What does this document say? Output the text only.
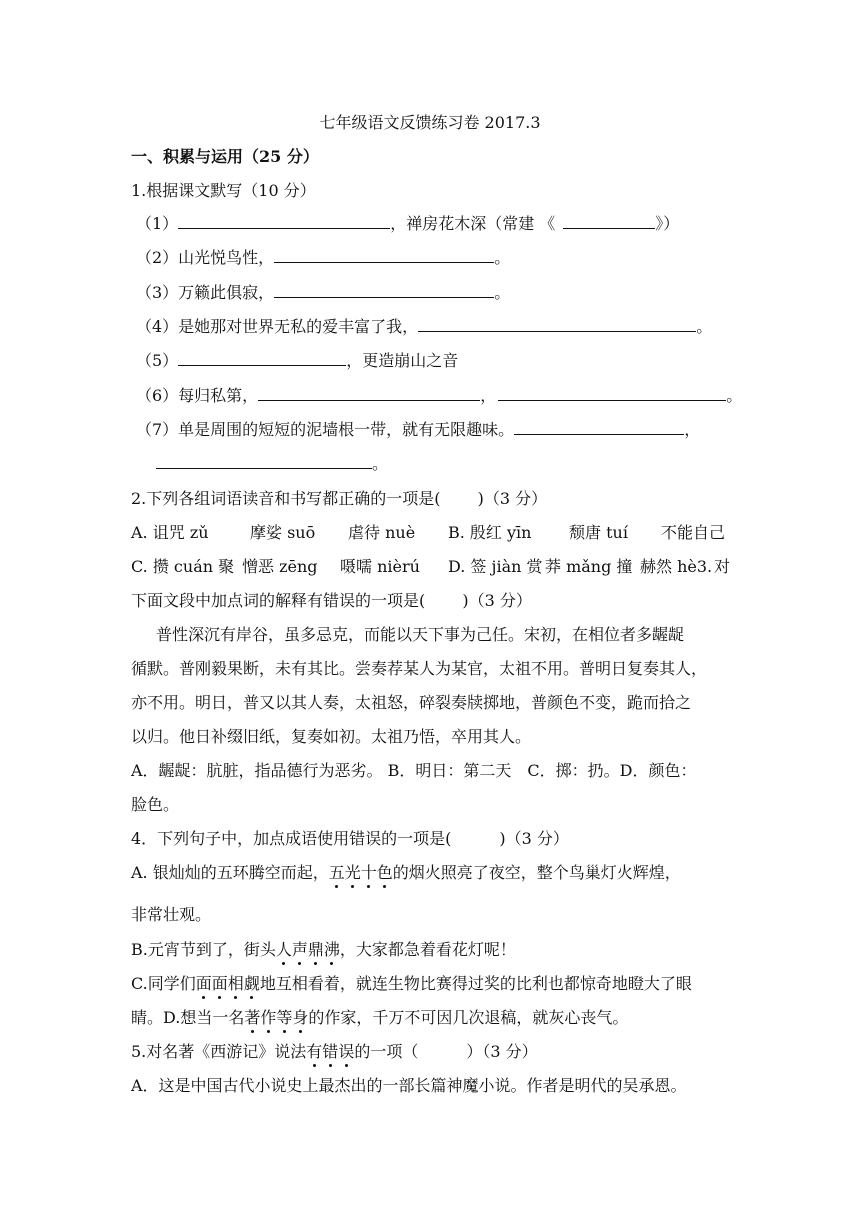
七年级语文反馈练习卷 2017.3
一、积累与运用（25 分）
1.根据课文默写（10 分）
（1）	，禅房花木深（常建 《	》）
（2）山光悦鸟性，	。
（3）万籁此俱寂，	。
（4）是她那对世界无私的爱丰富了我，	。
（5）	，更造崩山之音
（6）每归私第，	，	。
（7）单是周围的短短的泥墙根一带，就有无限趣味。	，
。
2.下列各组词语读音和书写都正确的一项是(　　 )（3 分）
A. 诅咒 zǔ	摩娑 suō 虐待 nuè B. 殷红 yīn 颓唐 tuí 不能自己
C. 攒 cuán 聚 憎恶 zēng 嗫嚅 nièrú D. 签 jiàn 赏 莽 mǎng 撞 赫然 hè3. 对
下面文段中加点词的解释有错误的一项是(　　 )（3 分）
普性深沉有岸谷，虽多忌克，而能以天下事为己任。宋初，在相位者多龌龊
循默。普刚毅果断，未有其比。尝奏荐某人为某官，太祖不用。普明日复奏其人，
亦不用。明日，普又以其人奏，太祖怒，碎裂奏牍掷地，普颜色不变，跪而拾之
以归。他日补缀旧纸，复奏如初。太祖乃悟，卒用其人。
A．龌龊：肮脏，指品德行为恶劣。 B．明日：第二天　C．掷：扔。D．颜色：
脸色。
4．下列句子中，加点成语使用错误的一项是(　　　)（3 分）
A. 银灿灿的五环腾空而起，五光十色的烟火照亮了夜空，整个鸟巢灯火辉煌，
非常壮观。
B.元宵节到了，街头人声鼎沸，大家都急着看花灯呢！
C.同学们面面相觑地互相看着，就连生物比赛得过奖的比利也都惊奇地瞪大了眼
睛。D.想当一名著作等身的作家，千万不可因几次退稿，就灰心丧气。
5.对名著《西游记》说法有错误的一项（　　　）（3 分）
A．这是中国古代小说史上最杰出的一部长篇神魔小说。作者是明代的吴承恩。
